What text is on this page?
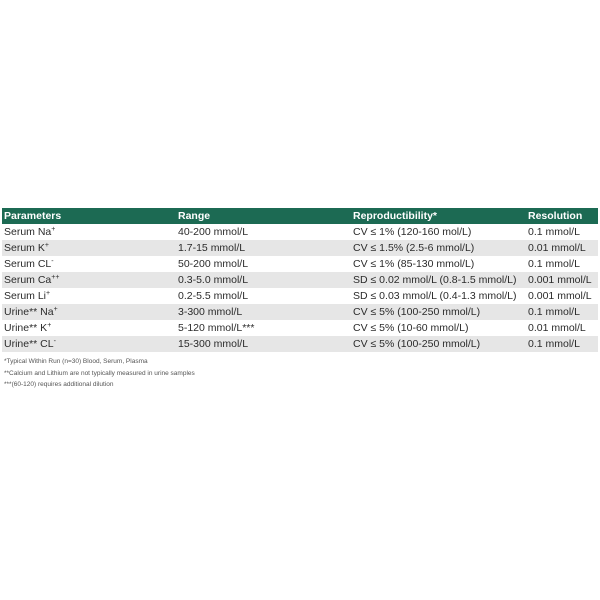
Parameters	Range	Reproductibility*	Resolution
Serum Na+	40-200 mmol/L	CV ≤ 1% (120-160 mol/L)	0.1 mmol/L
Serum K+	1.7-15 mmol/L	CV ≤ 1.5% (2.5-6 mmol/L)	0.01 mmol/L
Serum CL-	50-200 mmol/L	CV ≤ 1% (85-130 mmol/L)	0.1 mmol/L
Serum Ca++	0.3-5.0 mmol/L	SD ≤ 0.02 mmol/L (0.8-1.5 mmol/L)	0.001 mmol/L
Serum Li+	0.2-5.5 mmol/L	SD ≤ 0.03 mmol/L (0.4-1.3 mmol/L)	0.001 mmol/L
Urine** Na+	3-300 mmol/L	CV ≤ 5% (100-250 mmol/L)	0.1 mmol/L
Urine** K+	5-120 mmol/L***	CV ≤ 5% (10-60 mmol/L)	0.01 mmol/L
Urine** CL-	15-300 mmol/L	CV ≤ 5% (100-250 mmol/L)	0.1 mmol/L
*Typical Within Run (n=30) Blood, Serum, Plasma
**Calcium and Lithium are not typically measured in urine samples
***(60-120) requires additional dilution
